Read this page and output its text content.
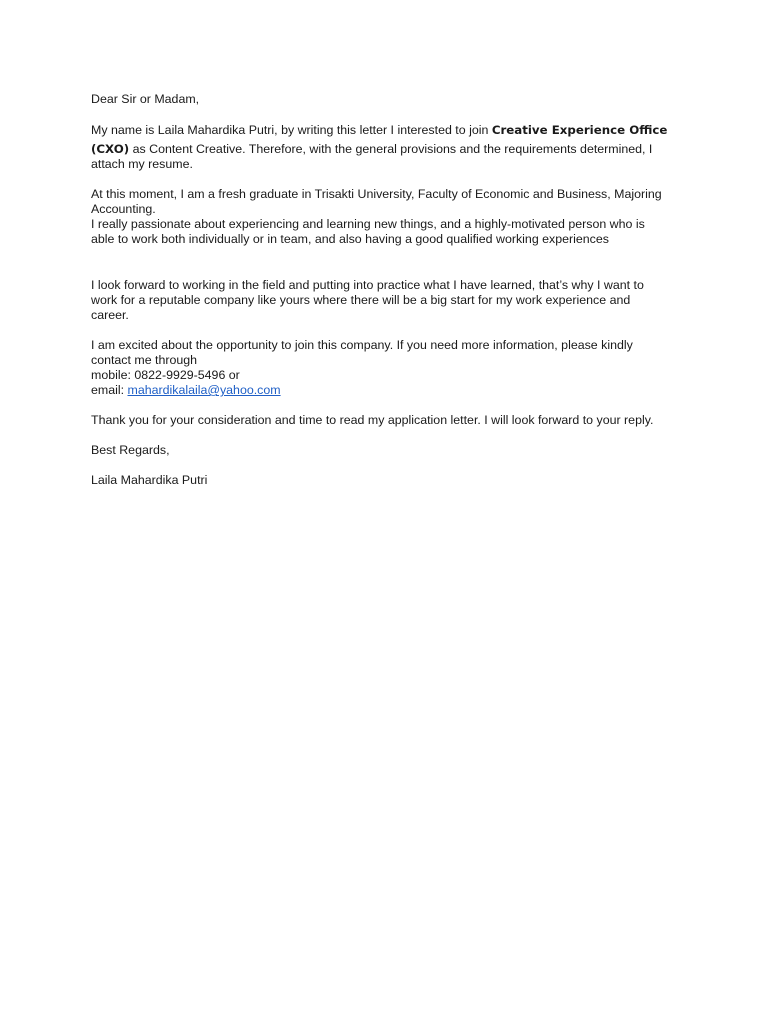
Dear Sir or Madam,

My name is Laila Mahardika Putri, by writing this letter I interested to join Creative Experience Office
(CXO) as Content Creative. Therefore, with the general provisions and the requirements determined, I
attach my resume.
At this moment, I am a fresh graduate in Trisakti University, Faculty of Economic and Business, Majoring
Accounting.
I really passionate about experiencing and learning new things, and a highly-motivated person who is
able to work both individually or in team, and also having a good qualified working experiences
I look forward to working in the field and putting into practice what I have learned, that’s why I want to
work for a reputable company like yours where there will be a big start for my work experience and
career.
I am excited about the opportunity to join this company. If you need more information, please kindly
contact me through
mobile: 0822-9929-5496 or
email: mahardikalaila@yahoo.com

Thank you for your consideration and time to read my application letter. I will look forward to your reply.

Best Regards,

Laila Mahardika Putri
